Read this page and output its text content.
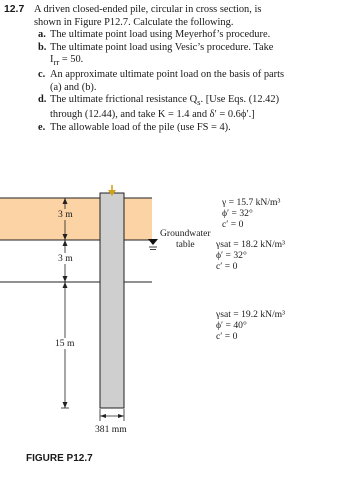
12.7 A driven closed-ended pile, circular in cross section, is
shown in Figure P12.7. Calculate the following.
a. The ultimate point load using Meyerhof’s procedure.
b. The ultimate point load using Vesic’s procedure. Take
$I_{rr} = 50$.
c. An approximate ultimate point load on the basis of parts
(a) and (b).
d. The ultimate frictional resistance $Q_s$. [Use Eqs. (12.42)
through (12.44), and take K = 1.4 and δ′ = 0.6ϕ′.]
e. The allowable load of the pile (use FS = 4).
3 m
3 m
15 m
381 mm
Groundwater
table
γ = 15.7 kN/m³
ϕ′ = 32°
c′ = 0
γsat = 18.2 kN/m³
ϕ′ = 32°
c′ = 0
γsat = 19.2 kN/m³
ϕ′ = 40°
c′ = 0
FIGURE P12.7
